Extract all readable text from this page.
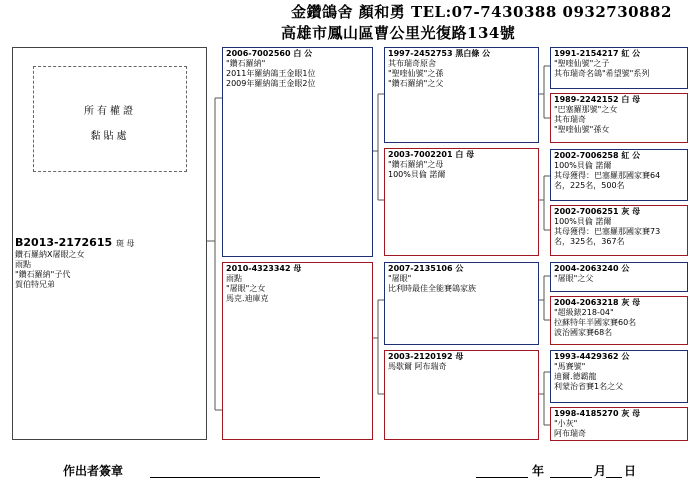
金鑽鴿舍 顏和勇 TEL:07-7430388 0932730882
高雄市鳳山區曹公里光復路134號
所有權證
黏貼處
B2013-2172615 斑 母
鑽石羅納X屠眼之女
雨點
"鑽石羅納"子代
賀伯特兄弟
2006-7002560 白 公
"鑽石羅納"
2011年羅納鴿王金眼1位
2009年羅納鴿王金眼2位
2010-4323342 母
雨點
"屠眼"之女
馬克.迪庫克
1997-2452753 黑白條 公
其布瑞奇原舍
"聖喹仙號"之孫
"鑽石羅納"之父
2003-7002201 白 母
"鑽石羅納"之母
100%貝倫 諾爾
2007-2135106 公
"屠眼"
比利時最佳全能賽鴿家族
2003-2120192 母
馬歇爾 阿布瑞奇
1991-2154217 紅 公
"聖喹仙號"之子
其布瑞奇名鴿"希望號"系列
1989-2242152 白 母
"巴塞羅那號"之女
其布瑞奇
"聖喹仙號"孫女
2002-7006258 紅 公
100%貝倫 諾爾
其母獲得：巴塞羅那國家賽64
名，225名，500名
2002-7006251 灰 母
100%貝倫 諾爾
其母獲得：巴塞羅那國家賽73
名，325名，367名
2004-2063240 公
"屠眼"之父
2004-2063218 灰 母
"超級錶218-04"
拉蘇特年半國家賽60名
波治國家賽68名
1993-4429362 公
"馬賽號"
迪爾.德霸龍
利蒙治省賽1名之父
1998-4185270 灰 母
"小灰"
阿布瑞奇
作出者簽章	年	月 日
